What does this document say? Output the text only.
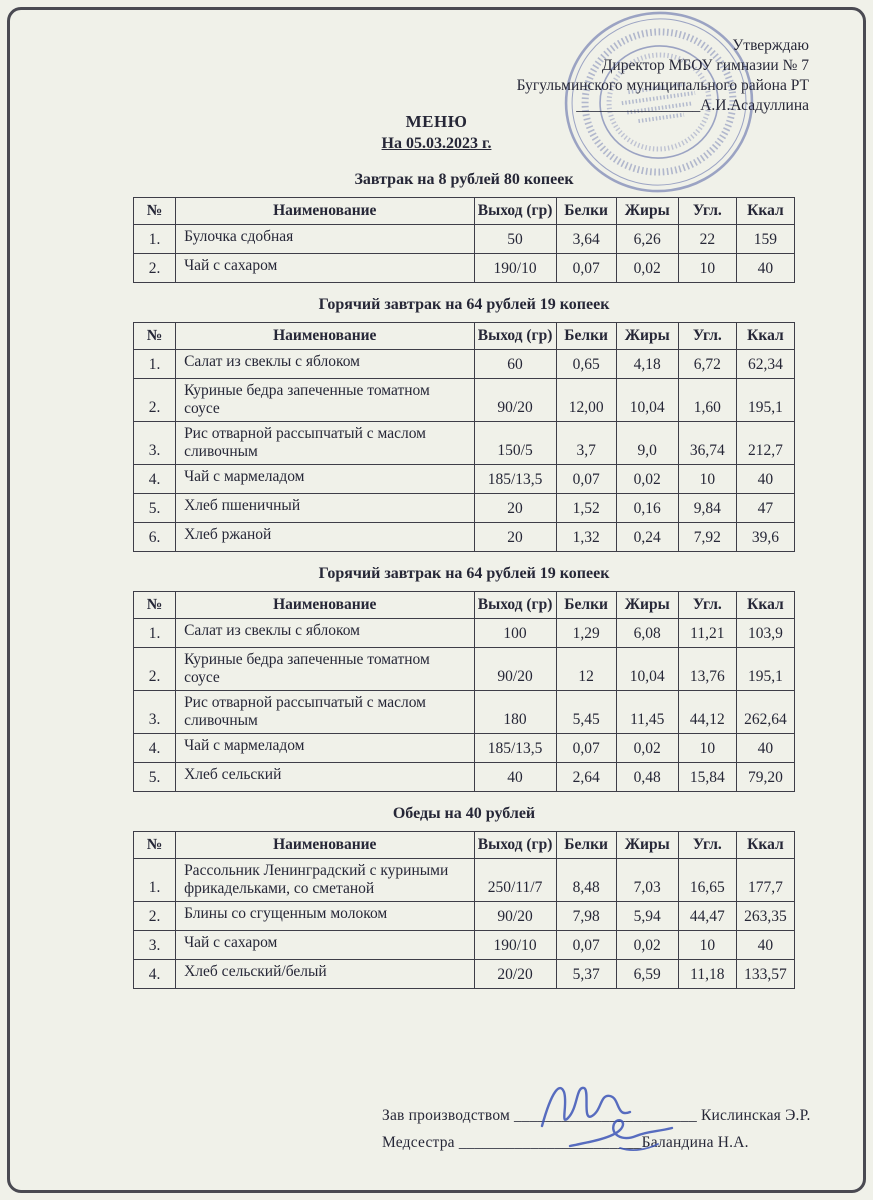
Утверждаю
Директор МБОУ гимназии № 7
Бугульминского муниципального района РТ
________________А.И.Асадуллина
МЕНЮ
На 05.03.2023 г.
Завтрак на 8 рублей 80 копеек
№	Наименование	Выход (гр)	Белки	Жиры	Угл.	Ккал
1.	Булочка сдобная	50	3,64	6,26	22	159
2.	Чай с сахаром	190/10	0,07	0,02	10	40
Горячий завтрак на 64 рублей 19 копеек
№	Наименование	Выход (гр)	Белки	Жиры	Угл.	Ккал
1.	Салат из свеклы с яблоком	60	0,65	4,18	6,72	62,34
2.	Куриные бедра запеченные томатном соусе	90/20	12,00	10,04	1,60	195,1
3.	Рис отварной рассыпчатый с маслом сливочным	150/5	3,7	9,0	36,74	212,7
4.	Чай с мармеладом	185/13,5	0,07	0,02	10	40
5.	Хлеб пшеничный	20	1,52	0,16	9,84	47
6.	Хлеб ржаной	20	1,32	0,24	7,92	39,6
Горячий завтрак на 64 рублей 19 копеек
№	Наименование	Выход (гр)	Белки	Жиры	Угл.	Ккал
1.	Салат из свеклы с яблоком	100	1,29	6,08	11,21	103,9
2.	Куриные бедра запеченные томатном соусе	90/20	12	10,04	13,76	195,1
3.	Рис отварной рассыпчатый с маслом сливочным	180	5,45	11,45	44,12	262,64
4.	Чай с мармеладом	185/13,5	0,07	0,02	10	40
5.	Хлеб сельский	40	2,64	0,48	15,84	79,20
Обеды на 40 рублей
№	Наименование	Выход (гр)	Белки	Жиры	Угл.	Ккал
1.	Рассольник Ленинградский с куриными фрикадельками, со сметаной	250/11/7	8,48	7,03	16,65	177,7
2.	Блины со сгущенным молоком	90/20	7,98	5,94	44,47	263,35
3.	Чай с сахаром	190/10	0,07	0,02	10	40
4.	Хлеб сельский/белый	20/20	5,37	6,59	11,18	133,57
Зав производством _______________________ Кислинская Э.Р.
Медсестра _______________________Баландина Н.А.
